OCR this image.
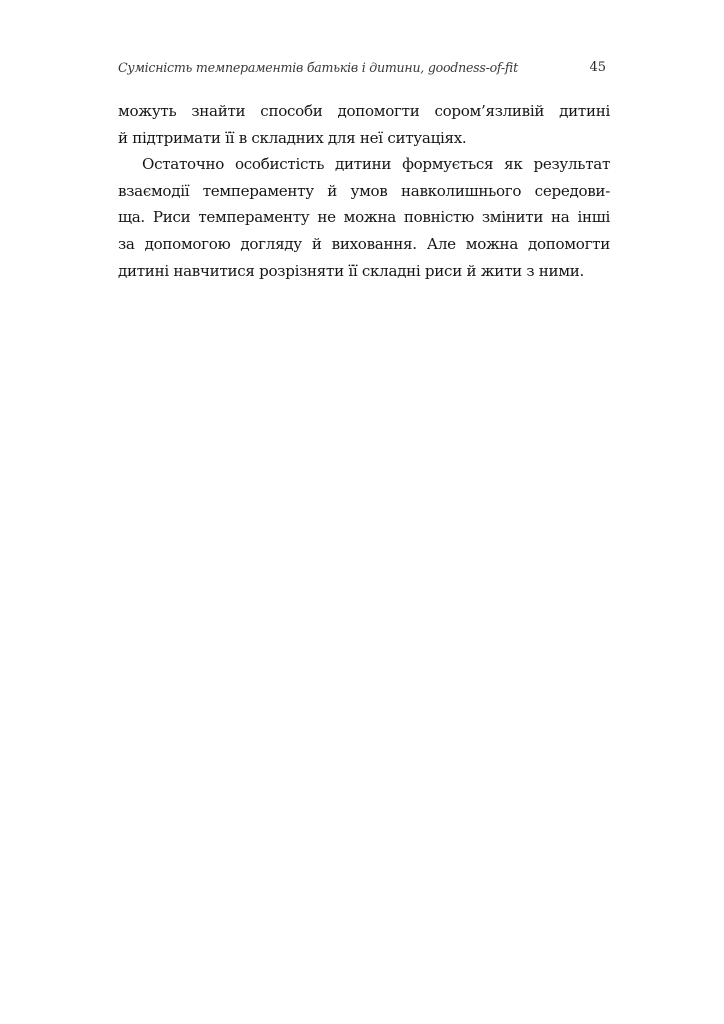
Сумісність темпераментів батьків і дитини, goodness-of-fit	45
можуть знайти способи допомогти сором’язливій дитині
й підтримати її в складних для неї ситуаціях.
Остаточно особистість дитини формується як результат
взаємодії темпераменту й умов навколишнього середови-
ща. Риси темпераменту не можна повністю змінити на інші
за допомогою догляду й виховання. Але можна допомогти
дитині навчитися розрізняти її складні риси й жити з ними.
